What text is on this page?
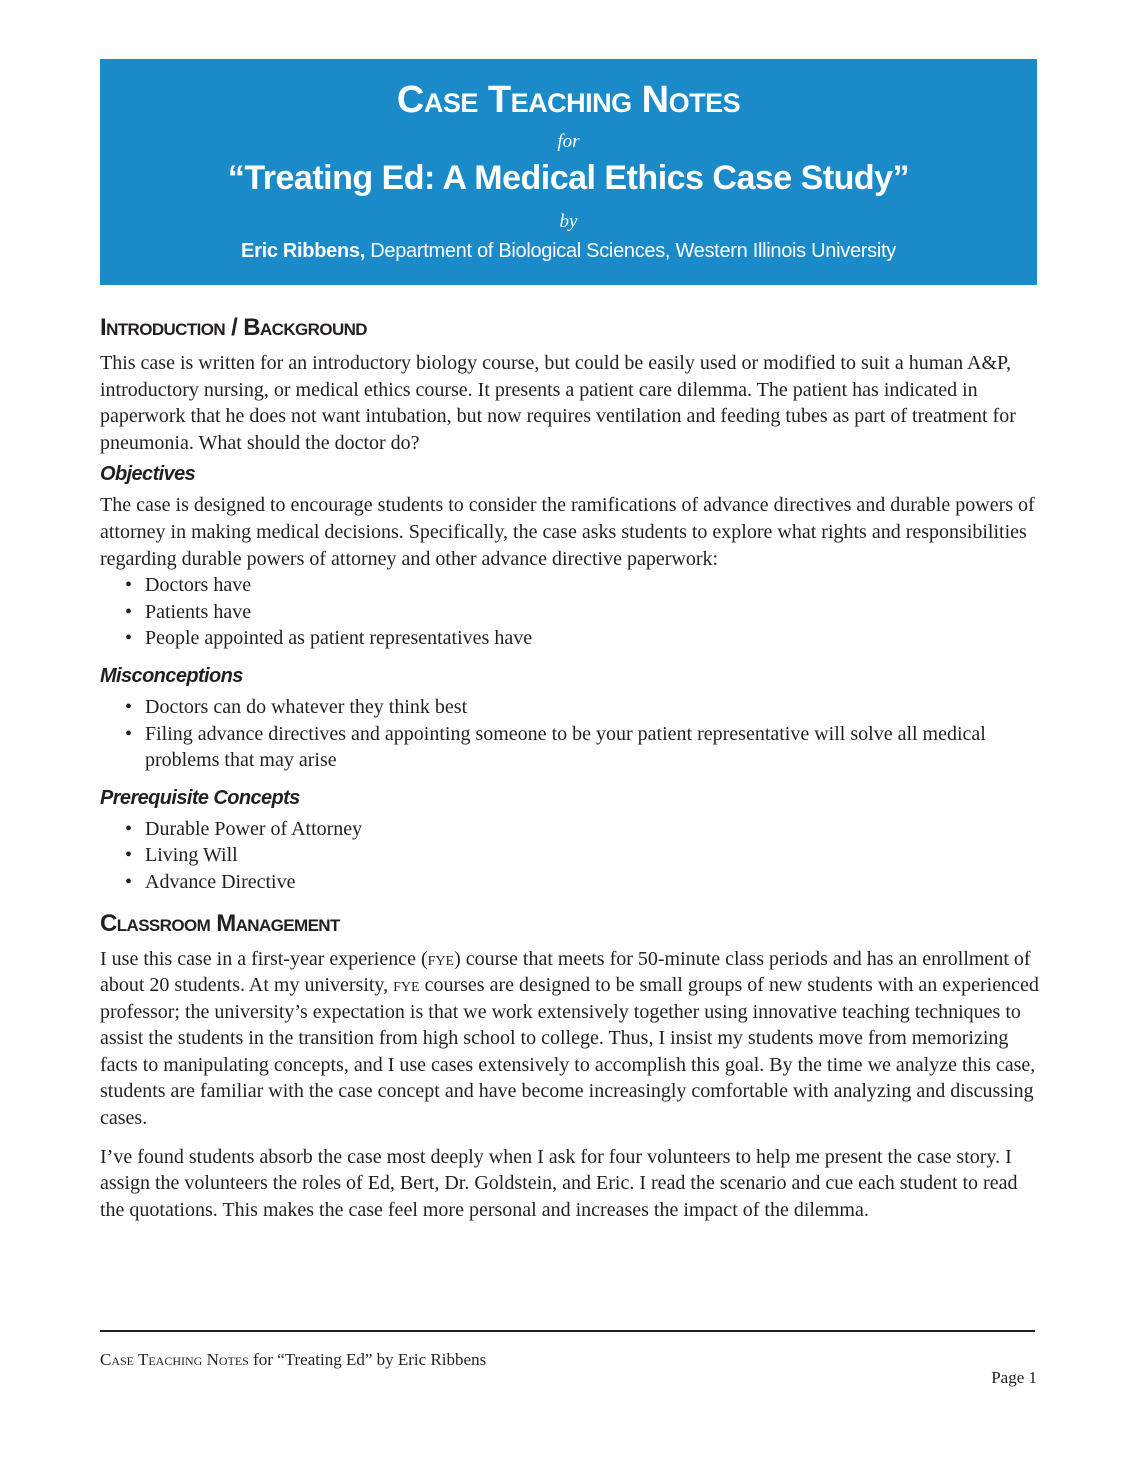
Case Teaching Notes
for
“Treating Ed: A Medical Ethics Case Study”
by
Eric Ribbens, Department of Biological Sciences, Western Illinois University
Introduction / Background

This case is written for an introductory biology course, but could be easily used or modified to suit a human A&P, introductory nursing, or medical ethics course. It presents a patient care dilemma. The patient has indicated in paperwork that he does not want intubation, but now requires ventilation and feeding tubes as part of treatment for pneumonia. What should the doctor do?

Objectives

The case is designed to encourage students to consider the ramifications of advance directives and durable powers of attorney in making medical decisions. Specifically, the case asks students to explore what rights and responsibilities regarding durable powers of attorney and other advance directive paperwork:

• Doctors have
• Patients have
• People appointed as patient representatives have
Misconceptions
• Doctors can do whatever they think best
• Filing advance directives and appointing someone to be your patient representative will solve all medical problems that may arise
Prerequisite Concepts
• Durable Power of Attorney
• Living Will
• Advance Directive
Classroom Management

I use this case in a first-year experience (fye) course that meets for 50-minute class periods and has an enrollment of about 20 students. At my university, fye courses are designed to be small groups of new students with an experienced professor; the university’s expectation is that we work extensively together using innovative teaching techniques to assist the students in the transition from high school to college. Thus, I insist my students move from memorizing facts to manipulating concepts, and I use cases extensively to accomplish this goal. By the time we analyze this case, students are familiar with the case concept and have become increasingly comfortable with analyzing and discussing cases.

I’ve found students absorb the case most deeply when I ask for four volunteers to help me present the case story. I assign the volunteers the roles of Ed, Bert, Dr. Goldstein, and Eric. I read the scenario and cue each student to read the quotations. This makes the case feel more personal and increases the impact of the dilemma.

Case Teaching Notes for “Treating Ed” by Eric Ribbens
Page 1
